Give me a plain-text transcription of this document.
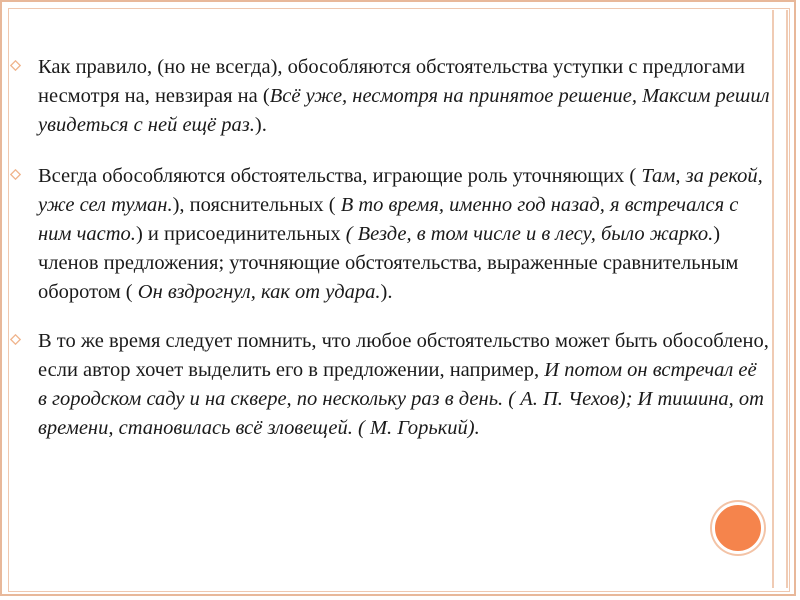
Как правило, (но не всегда), обособляются обстоятельства уступки с предлогами несмотря на, невзирая на (Всё уже, несмотря на принятое решение, Максим решил увидеться с ней ещё раз.).
Всегда обособляются обстоятельства, играющие роль уточняющих ( Там, за рекой, уже сел туман.), пояснительных ( В то время, именно год назад, я встречался с ним часто.) и присоединительных ( Везде, в том числе и в лесу, было жарко.) членов предложения; уточняющие обстоятельства, выраженные сравнительным оборотом ( Он вздрогнул, как от удара.).
В то же время следует помнить, что любое обстоятельство может быть обособлено, если автор хочет выделить его в предложении, например, И потом он встречал её в городском саду и на сквере, по нескольку раз в день. ( А. П. Чехов); И тишина, от времени, становилась всё зловещей. ( М. Горький).
